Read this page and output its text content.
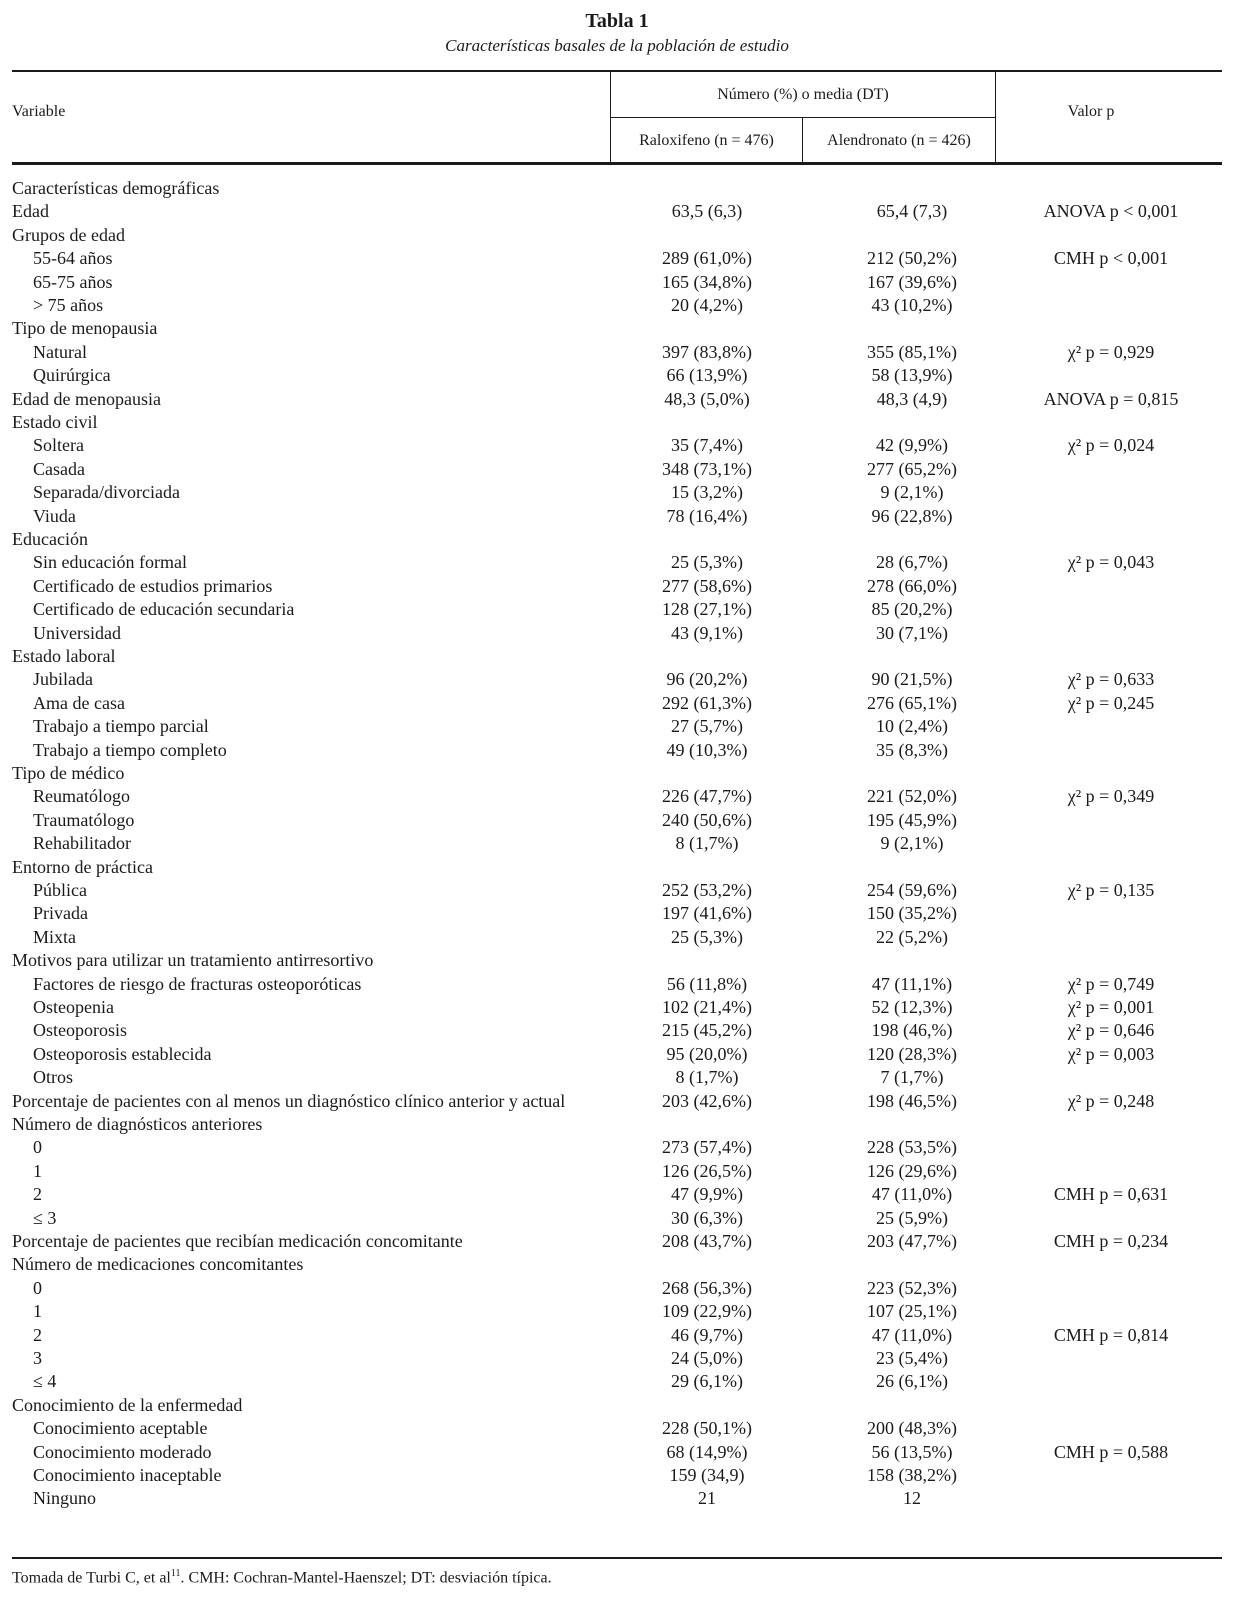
Tabla 1
Características basales de la población de estudio
Variable
Número (%) o media (DT)
Raloxifeno (n = 476)	Alendronato (n = 426)
Valor p
Características demográficas
Edad	63,5 (6,3)	65,4 (7,3)	ANOVA p < 0,001
Grupos de edad
55-64 años	289 (61,0%)	212 (50,2%)	CMH p < 0,001
65-75 años	165 (34,8%)	167 (39,6%)
> 75 años	20 (4,2%)	43 (10,2%)
Tipo de menopausia
Natural	397 (83,8%)	355 (85,1%)	χ² p = 0,929
Quirúrgica	66 (13,9%)	58 (13,9%)
Edad de menopausia	48,3 (5,0%)	48,3 (4,9)	ANOVA p = 0,815
Estado civil
Soltera	35 (7,4%)	42 (9,9%)	χ² p = 0,024
Casada	348 (73,1%)	277 (65,2%)
Separada/divorciada	15 (3,2%)	9 (2,1%)
Viuda	78 (16,4%)	96 (22,8%)
Educación
Sin educación formal	25 (5,3%)	28 (6,7%)	χ² p = 0,043
Certificado de estudios primarios	277 (58,6%)	278 (66,0%)
Certificado de educación secundaria	128 (27,1%)	85 (20,2%)
Universidad	43 (9,1%)	30 (7,1%)
Estado laboral
Jubilada	96 (20,2%)	90 (21,5%)	χ² p = 0,633
Ama de casa	292 (61,3%)	276 (65,1%)	χ² p = 0,245
Trabajo a tiempo parcial	27 (5,7%)	10 (2,4%)
Trabajo a tiempo completo	49 (10,3%)	35 (8,3%)
Tipo de médico
Reumatólogo	226 (47,7%)	221 (52,0%)	χ² p = 0,349
Traumatólogo	240 (50,6%)	195 (45,9%)
Rehabilitador	8 (1,7%)	9 (2,1%)
Entorno de práctica
Pública	252 (53,2%)	254 (59,6%)	χ² p = 0,135
Privada	197 (41,6%)	150 (35,2%)
Mixta	25 (5,3%)	22 (5,2%)
Motivos para utilizar un tratamiento antirresortivo
Factores de riesgo de fracturas osteoporóticas	56 (11,8%)	47 (11,1%)	χ² p = 0,749
Osteopenia	102 (21,4%)	52 (12,3%)	χ² p = 0,001
Osteoporosis	215 (45,2%)	198 (46,%)	χ² p = 0,646
Osteoporosis establecida	95 (20,0%)	120 (28,3%)	χ² p = 0,003
Otros	8 (1,7%)	7 (1,7%)
Porcentaje de pacientes con al menos un diagnóstico clínico anterior y actual	203 (42,6%)	198 (46,5%)	χ² p = 0,248
Número de diagnósticos anteriores
0	273 (57,4%)	228 (53,5%)
1	126 (26,5%)	126 (29,6%)
2	47 (9,9%)	47 (11,0%)	CMH p = 0,631
≤ 3	30 (6,3%)	25 (5,9%)
Porcentaje de pacientes que recibían medicación concomitante	208 (43,7%)	203 (47,7%)	CMH p = 0,234
Número de medicaciones concomitantes
0	268 (56,3%)	223 (52,3%)
1	109 (22,9%)	107 (25,1%)
2	46 (9,7%)	47 (11,0%)	CMH p = 0,814
3	24 (5,0%)	23 (5,4%)
≤ 4	29 (6,1%)	26 (6,1%)
Conocimiento de la enfermedad
Conocimiento aceptable	228 (50,1%)	200 (48,3%)
Conocimiento moderado	68 (14,9%)	56 (13,5%)	CMH p = 0,588
Conocimiento inaceptable	159 (34,9)	158 (38,2%)
Ninguno	21	12
Tomada de Turbi C, et $al^{11}$. CMH: Cochran-Mantel-Haenszel; DT: desviación típica.
